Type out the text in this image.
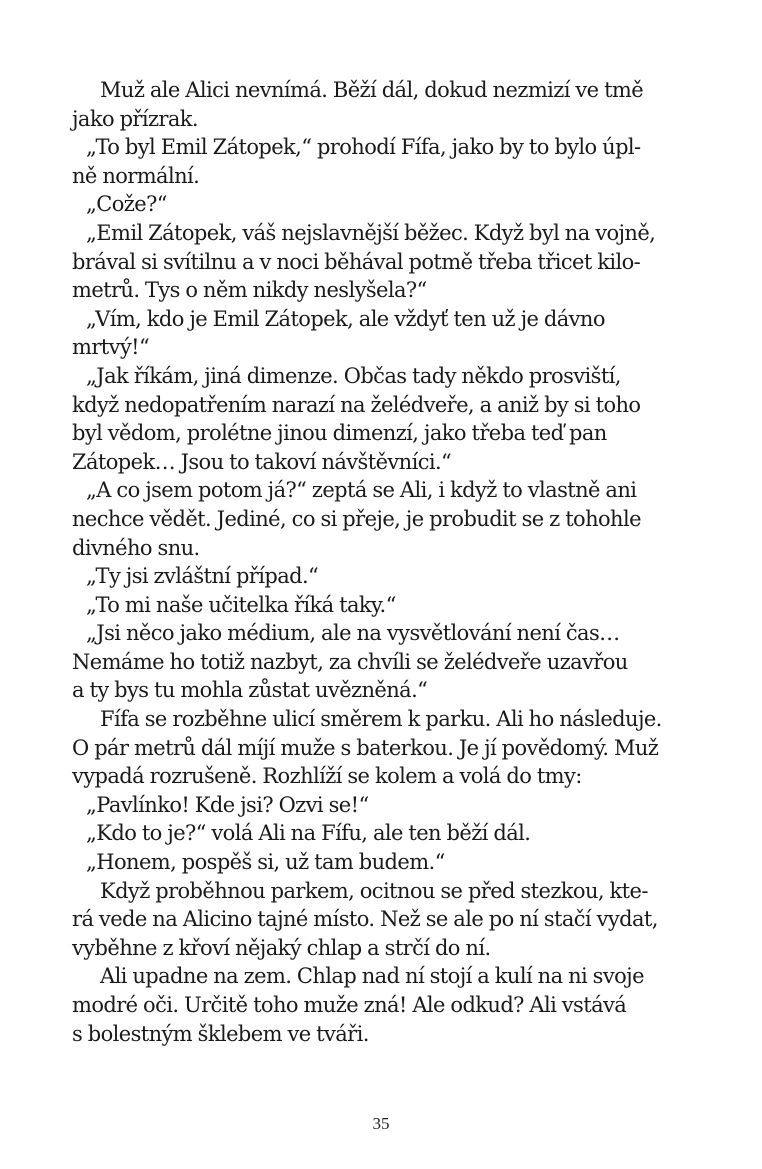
Muž ale Alici nevnímá. Běží dál, dokud nezmizí ve tmě
jako přízrak.
„To byl Emil Zátopek,“ prohodí Fífa, jako by to bylo úpl-
ně normální.
„Cože?“
„Emil Zátopek, váš nejslavnější běžec. Když byl na vojně,
brával si svítilnu a v noci běhával potmě třeba třicet kilo-
metrů. Tys o něm nikdy neslyšela?“
„Vím, kdo je Emil Zátopek, ale vždyť ten už je dávno
mrtvý!“
„Jak říkám, jiná dimenze. Občas tady někdo prosviští,
když nedopatřením narazí na želédveře, a aniž by si toho
byl vědom, prolétne jinou dimenzí, jako třeba teď pan
Zátopek… Jsou to takoví návštěvníci.“
„A co jsem potom já?“ zeptá se Ali, i když to vlastně ani
nechce vědět. Jediné, co si přeje, je probudit se z tohohle
divného snu.
„Ty jsi zvláštní případ.“
„To mi naše učitelka říká taky.“
„Jsi něco jako médium, ale na vysvětlování není čas…
Nemáme ho totiž nazbyt, za chvíli se želédveře uzavřou
a ty bys tu mohla zůstat uvězněná.“
Fífa se rozběhne ulicí směrem k parku. Ali ho následuje.
O pár metrů dál míjí muže s baterkou. Je jí povědomý. Muž
vypadá rozrušeně. Rozhlíží se kolem a volá do tmy:
„Pavlínko! Kde jsi? Ozvi se!“
„Kdo to je?“ volá Ali na Fífu, ale ten běží dál.
„Honem, pospěš si, už tam budem.“
Když proběhnou parkem, ocitnou se před stezkou, kte-
rá vede na Alicino tajné místo. Než se ale po ní stačí vydat,
vyběhne z křoví nějaký chlap a strčí do ní.
Ali upadne na zem. Chlap nad ní stojí a kulí na ni svoje
modré oči. Určitě toho muže zná! Ale odkud? Ali vstává
s bolestným šklebem ve tváři.
35
